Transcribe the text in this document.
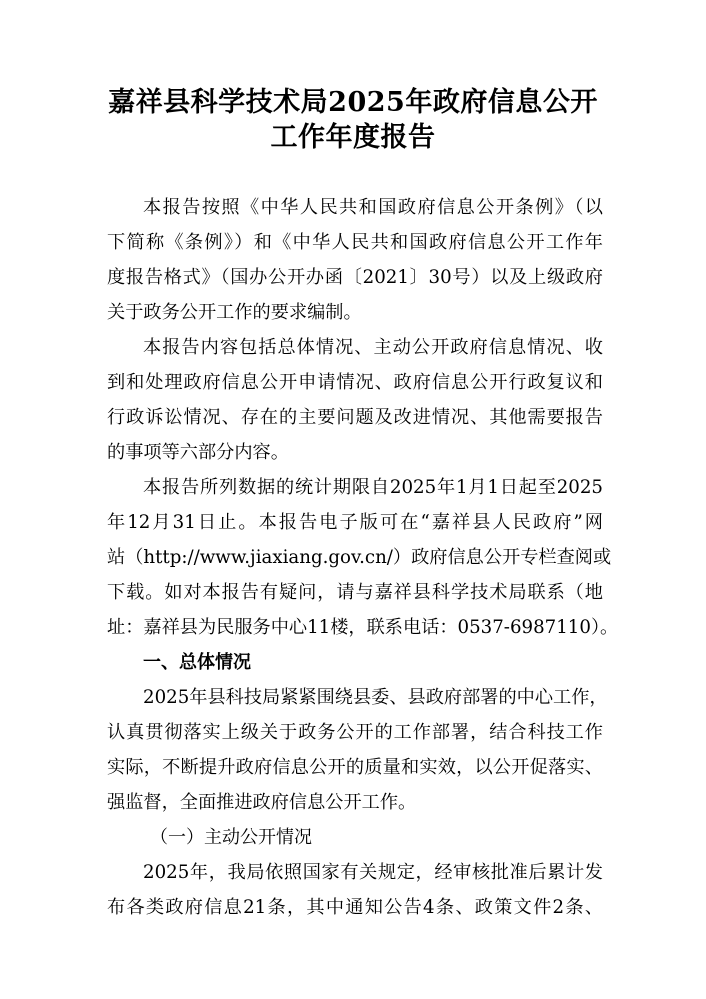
嘉祥县科学技术局2025年政府信息公开
工作年度报告

本报告按照《中华人民共和国政府信息公开条例》（以

下简称《条例》）和《中华人民共和国政府信息公开工作年

度报告格式》（国办公开办函〔2021〕30号）以及上级政府

关于政务公开工作的要求编制。

本报告内容包括总体情况、主动公开政府信息情况、收

到和处理政府信息公开申请情况、政府信息公开行政复议和

行政诉讼情况、存在的主要问题及改进情况、其他需要报告

的事项等六部分内容。

本报告所列数据的统计期限自2025年1月1日起至2025

年12月31日止。本报告电子版可在“嘉祥县人民政府”网

站（http://www.jiaxiang.gov.cn/）政府信息公开专栏查阅或

下载。如对本报告有疑问，请与嘉祥县科学技术局联系（地

址：嘉祥县为民服务中心11楼，联系电话：0537-6987110）。

一、总体情况

2025年县科技局紧紧围绕县委、县政府部署的中心工作，

认真贯彻落实上级关于政务公开的工作部署，结合科技工作

实际，不断提升政府信息公开的质量和实效，以公开促落实、

强监督，全面推进政府信息公开工作。

（一）主动公开情况

2025年，我局依照国家有关规定，经审核批准后累计发

布各类政府信息21条，其中通知公告4条、政策文件2条、
